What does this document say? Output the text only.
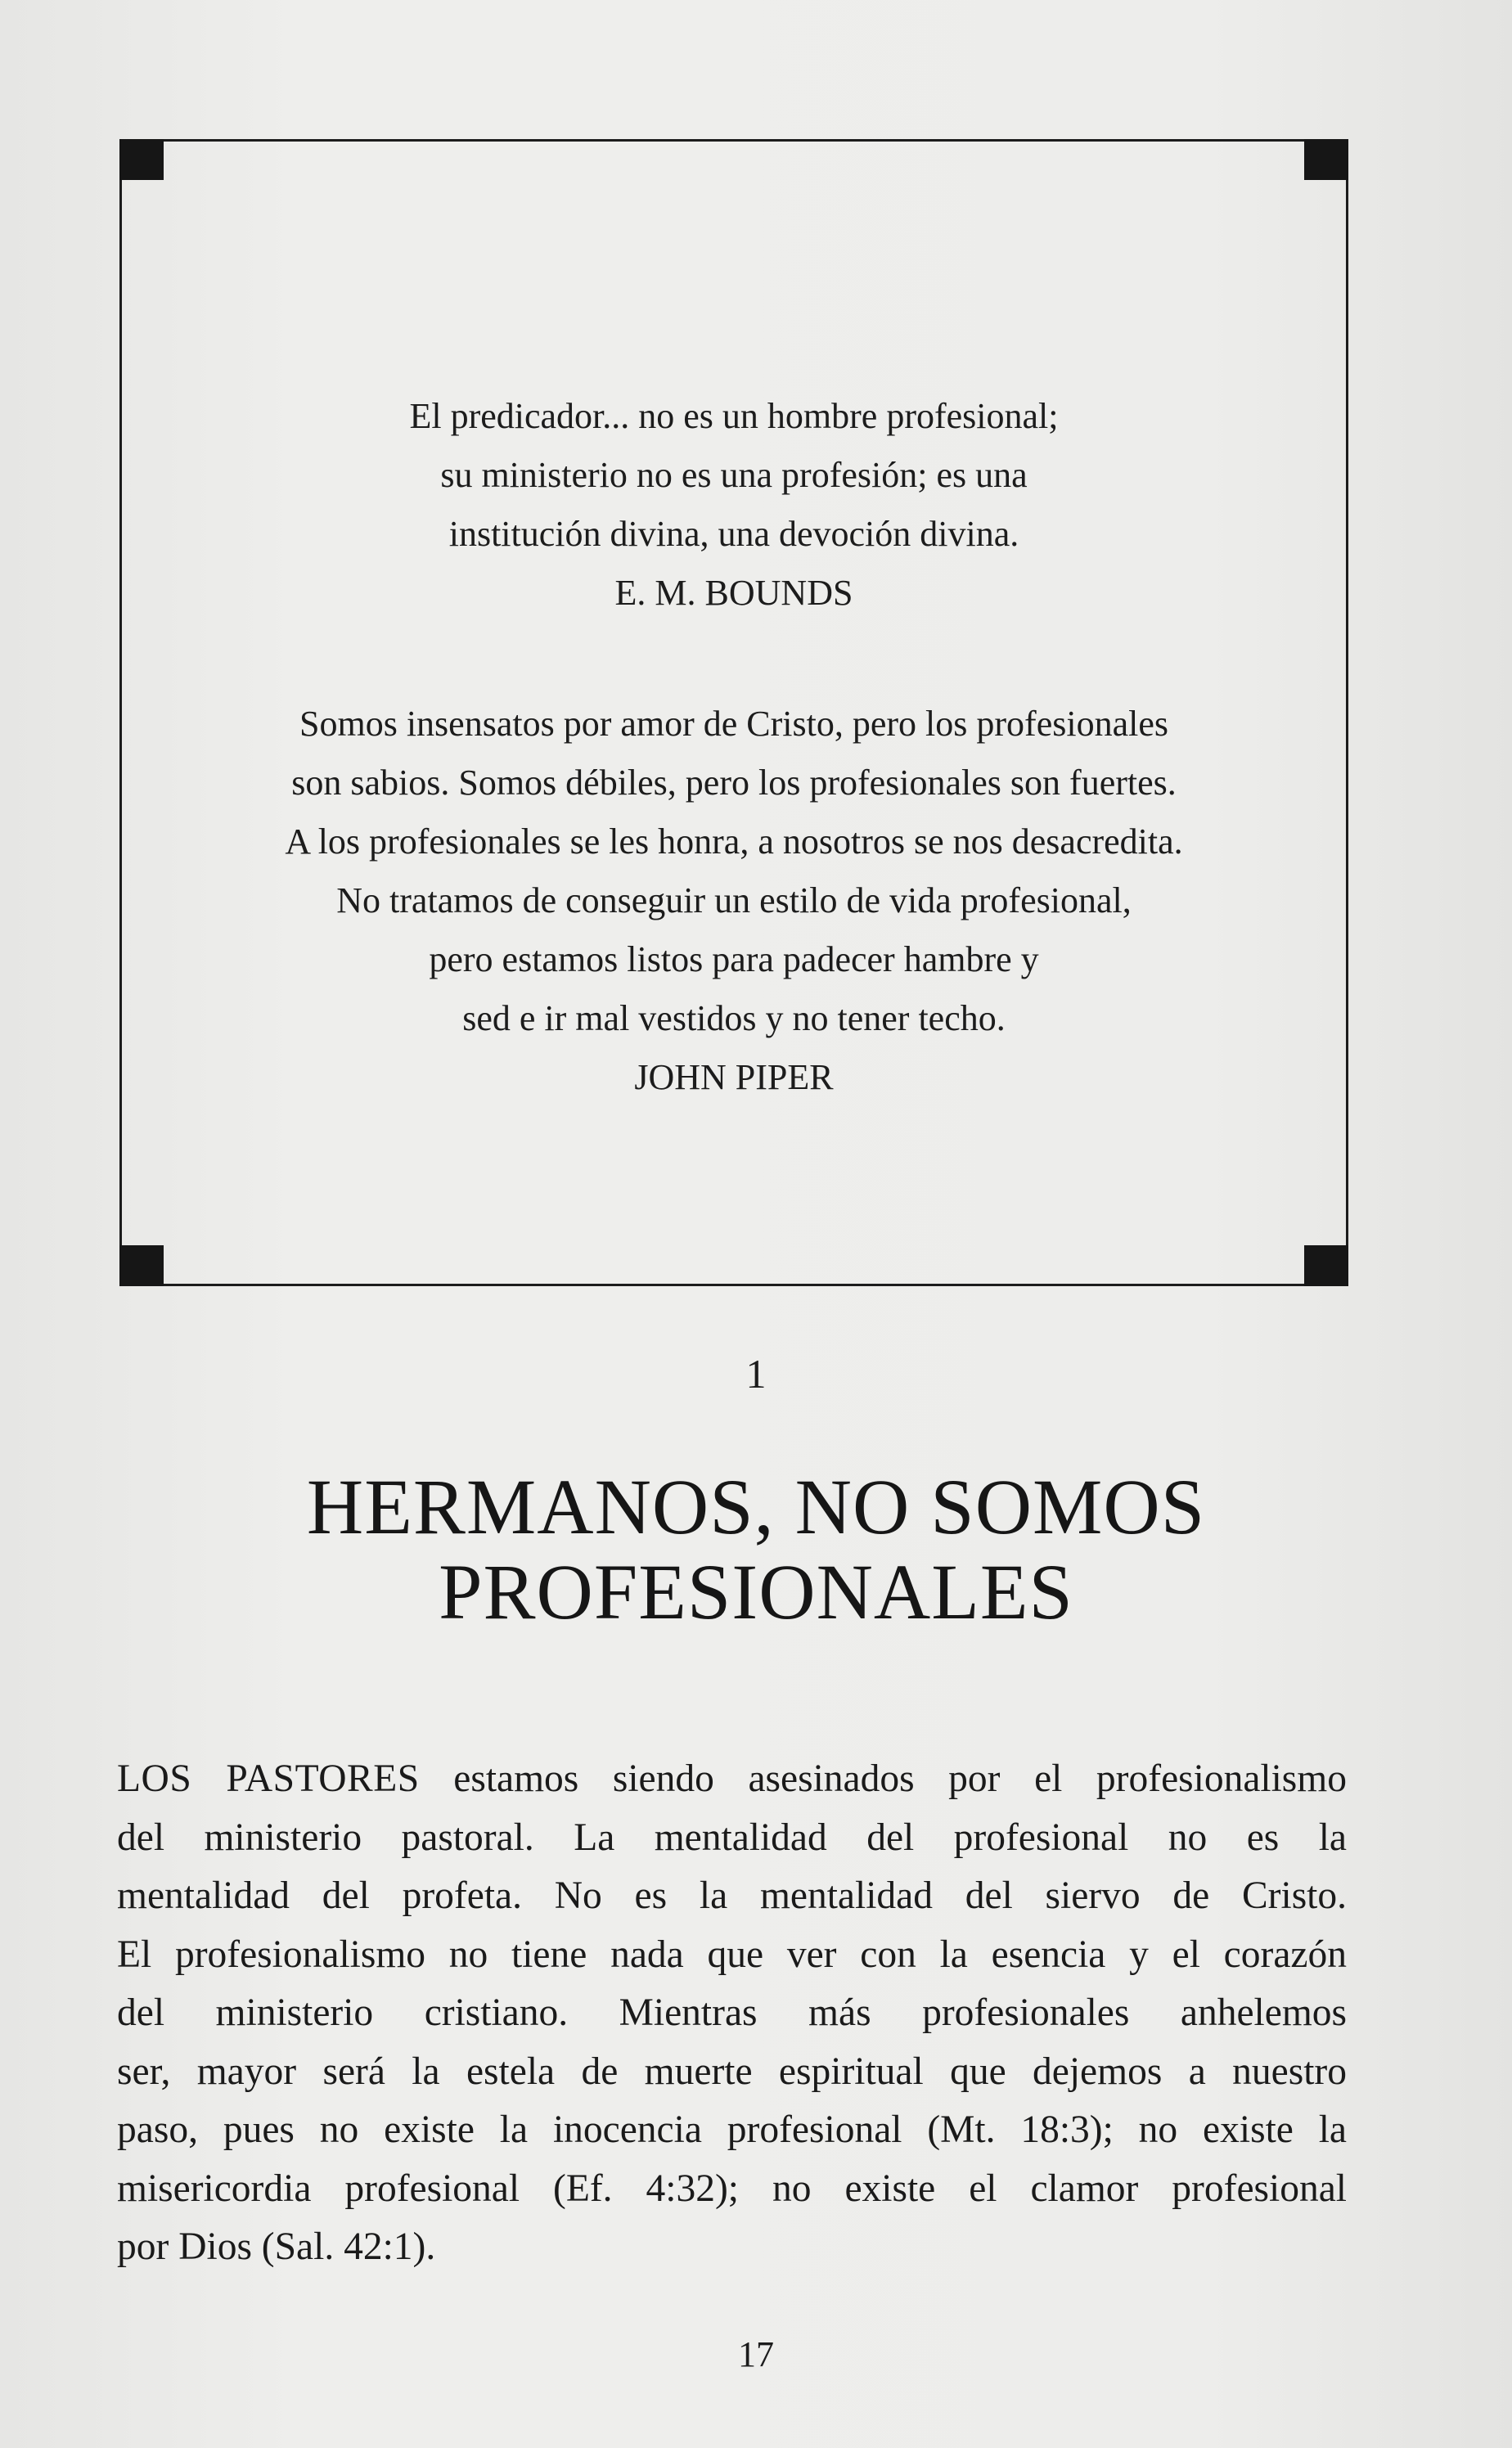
El predicador... no es un hombre profesional;
su ministerio no es una profesión; es una
institución divina, una devoción divina.
E. M. BOUNDS
Somos insensatos por amor de Cristo, pero los profesionales
son sabios. Somos débiles, pero los profesionales son fuertes.
A los profesionales se les honra, a nosotros se nos desacredita.
No tratamos de conseguir un estilo de vida profesional,
pero estamos listos para padecer hambre y
sed e ir mal vestidos y no tener techo.
JOHN PIPER
1
HERMANOS, NO SOMOS
PROFESIONALES
LOS PASTORES estamos siendo asesinados por el profesionalismo
del ministerio pastoral. La mentalidad del profesional no es la
mentalidad del profeta. No es la mentalidad del siervo de Cristo.
El profesionalismo no tiene nada que ver con la esencia y el corazón
del ministerio cristiano. Mientras más profesionales anhelemos
ser, mayor será la estela de muerte espiritual que dejemos a nuestro
paso, pues no existe la inocencia profesional (Mt. 18:3); no existe la
misericordia profesional (Ef. 4:32); no existe el clamor profesional
por Dios (Sal. 42:1).
17
